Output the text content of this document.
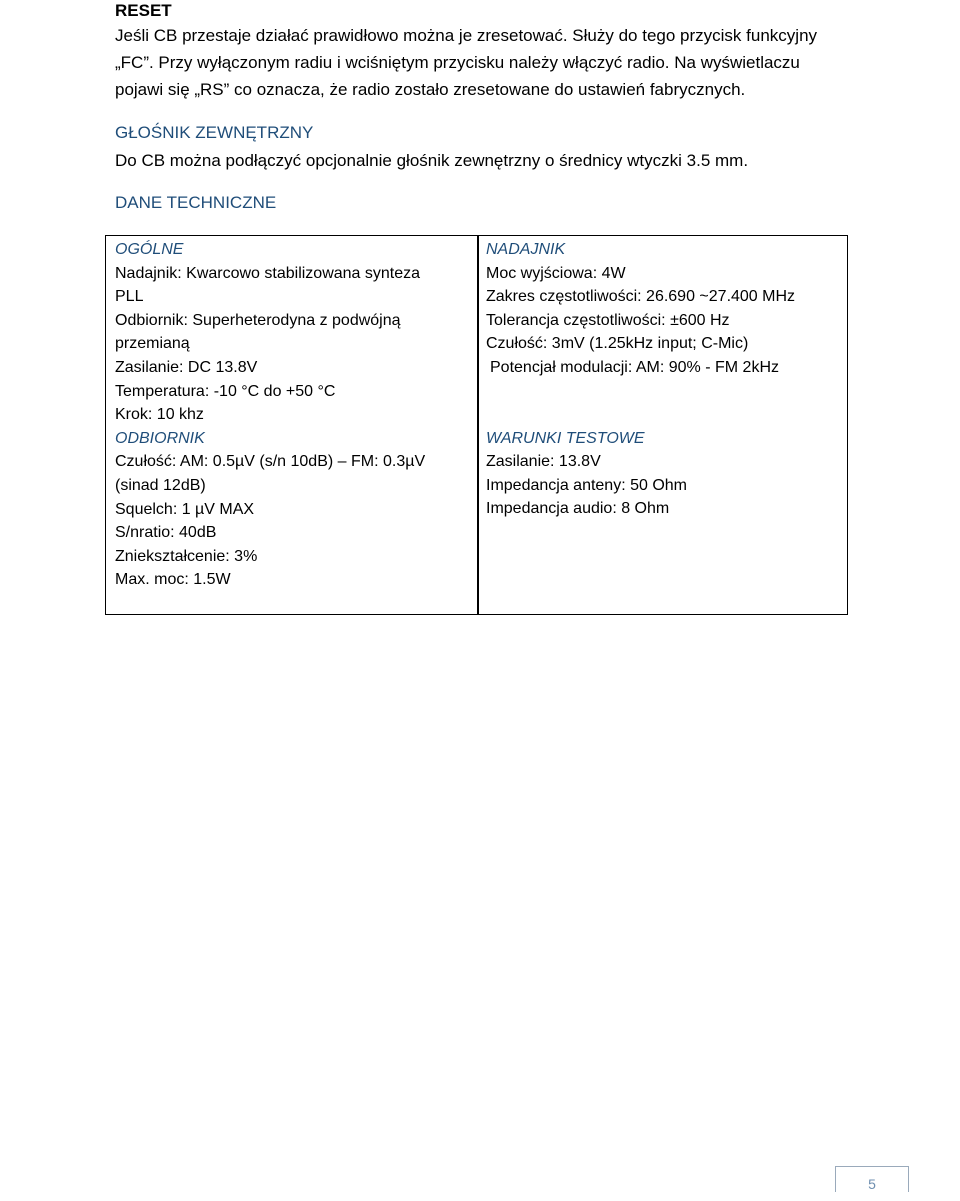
RESET
Jeśli CB przestaje działać prawidłowo można je zresetować. Służy do tego przycisk funkcyjny
„FC”. Przy wyłączonym radiu i wciśniętym przycisku należy włączyć radio. Na wyświetlaczu
pojawi się „RS” co oznacza, że radio zostało zresetowane do ustawień fabrycznych.
GŁOŚNIK ZEWNĘTRZNY
Do CB można podłączyć opcjonalnie głośnik zewnętrzny o średnicy wtyczki 3.5 mm.
DANE TECHNICZNE
OGÓLNE
Nadajnik: Kwarcowo stabilizowana synteza
PLL
Odbiornik: Superheterodyna z podwójną
przemianą
Zasilanie: DC 13.8V
Temperatura: -10 °C do +50 °C
Krok: 10 khz
ODBIORNIK
Czułość: AM: 0.5µV (s/n 10dB) – FM: 0.3µV
(sinad 12dB)
Squelch: 1 µV MAX
S/nratio: 40dB
Zniekształcenie: 3%
Max. moc: 1.5W
NADAJNIK
Moc wyjściowa: 4W
Zakres częstotliwości: 26.690 ~27.400 MHz
Tolerancja częstotliwości: ±600 Hz
Czułość: 3mV (1.25kHz input; C-Mic)
Potencjał modulacji: AM: 90% - FM 2kHz
WARUNKI TESTOWE
Zasilanie: 13.8V
Impedancja anteny: 50 Ohm
Impedancja audio: 8 Ohm
5
